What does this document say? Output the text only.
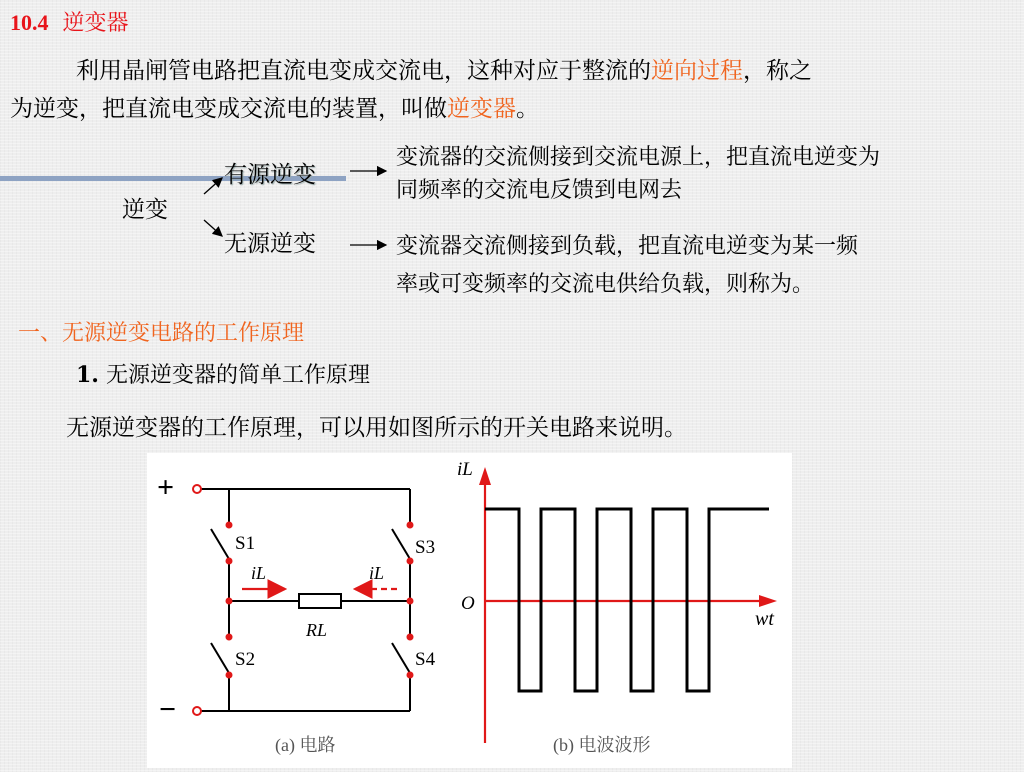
10.4 逆变器
利用晶闸管电路把直流电变成交流电，这种对应于整流的逆向过程，称之
为逆变，把直流电变成交流电的装置，叫做逆变器。
逆变
有源逆变
无源逆变
变流器的交流侧接到交流电源上，把直流电逆变为
同频率的交流电反馈到电网去
变流器交流侧接到负载，把直流电逆变为某一频
率或可变频率的交流电供给负载，则称为。
一、无源逆变电路的工作原理
1. 无源逆变器的简单工作原理
无源逆变器的工作原理，可以用如图所示的开关电路来说明。
+
−
S1
S2
S3
S4
iL	iL
RL
(a) 电路
iL
O
wt
(b) 电波波形
